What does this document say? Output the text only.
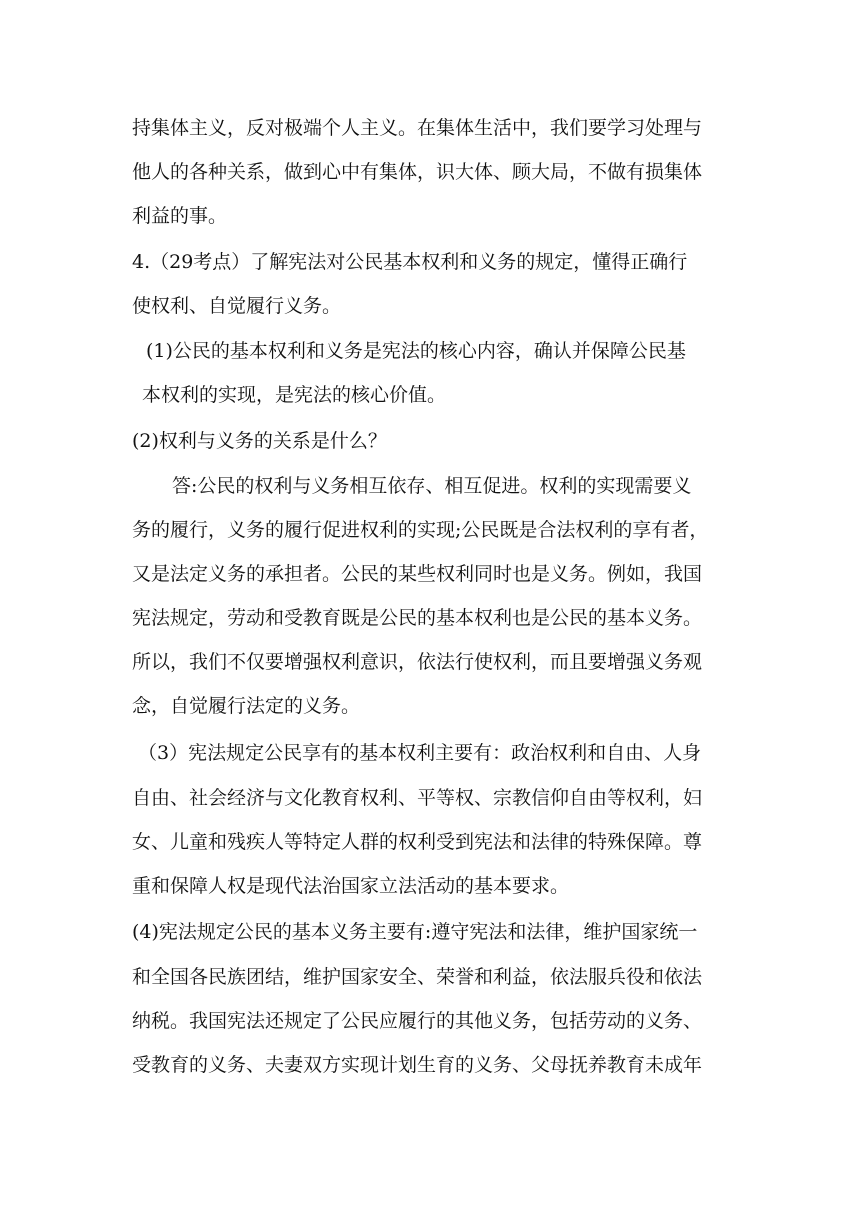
持集体主义，反对极端个人主义。在集体生活中，我们要学习处理与
他人的各种关系，做到心中有集体，识大体、顾大局，不做有损集体
利益的事。
4.（29考点）了解宪法对公民基本权利和义务的规定，懂得正确行
使权利、自觉履行义务。
(1)公民的基本权利和义务是宪法的核心内容，确认并保障公民基
本权利的实现，是宪法的核心价值。
(2)权利与义务的关系是什么？
答:公民的权利与义务相互依存、相互促进。权利的实现需要义
务的履行，义务的履行促进权利的实现;公民既是合法权利的享有者，
又是法定义务的承担者。公民的某些权利同时也是义务。例如，我国
宪法规定，劳动和受教育既是公民的基本权利也是公民的基本义务。
所以，我们不仅要增强权利意识，依法行使权利，而且要增强义务观
念，自觉履行法定的义务。
（3）宪法规定公民享有的基本权利主要有：政治权利和自由、人身
自由、社会经济与文化教育权利、平等权、宗教信仰自由等权利，妇
女、儿童和残疾人等特定人群的权利受到宪法和法律的特殊保障。尊
重和保障人权是现代法治国家立法活动的基本要求。
(4)宪法规定公民的基本义务主要有:遵守宪法和法律，维护国家统一
和全国各民族团结，维护国家安全、荣誉和利益，依法服兵役和依法
纳税。我国宪法还规定了公民应履行的其他义务，包括劳动的义务、
受教育的义务、夫妻双方实现计划生育的义务、父母抚养教育未成年
